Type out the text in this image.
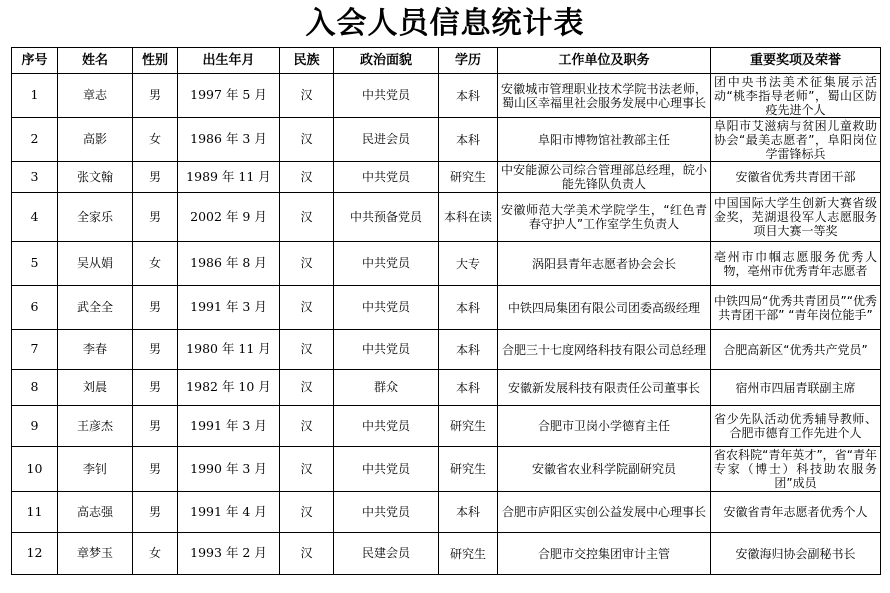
入会人员信息统计表
序号	姓名	性别	出生年月	民族	政治面貌	学历	工作单位及职务	重要奖项及荣誉
1	章志	男	1997 年 5 月	汉	中共党员	本科	安徽城市管理职业技术学院书法老师，蜀山区幸福里社会服务发展中心理事长	团中央书法美术征集展示活动“桃李指导老师”，蜀山区防疫先进个人
2	高影	女	1986 年 3 月	汉	民进会员	本科	阜阳市博物馆社教部主任	阜阳市艾滋病与贫困儿童救助协会“最美志愿者”，阜阳岗位学雷锋标兵
3	张文翰	男	1989 年 11 月	汉	中共党员	研究生	中安能源公司综合管理部总经理，皖小能先锋队负责人	安徽省优秀共青团干部
4	全家乐	男	2002 年 9 月	汉	中共预备党员	本科在读	安徽师范大学美术学院学生，“红色青春守护人”工作室学生负责人	中国国际大学生创新大赛省级金奖，芜湖退役军人志愿服务项目大赛一等奖
5	吴从娟	女	1986 年 8 月	汉	中共党员	大专	涡阳县青年志愿者协会会长	亳州市巾帼志愿服务优秀人物，亳州市优秀青年志愿者
6	武全全	男	1991 年 3 月	汉	中共党员	本科	中铁四局集团有限公司团委高级经理	中铁四局“优秀共青团员”“优秀共青团干部” “青年岗位能手”
7	李春	男	1980 年 11 月	汉	中共党员	本科	合肥三十七度网络科技有限公司总经理	合肥高新区“优秀共产党员”
8	刘晨	男	1982 年 10 月	汉	群众	本科	安徽新发展科技有限责任公司董事长	宿州市四届青联副主席
9	王彦杰	男	1991 年 3 月	汉	中共党员	研究生	合肥市卫岗小学德育主任	省少先队活动优秀辅导教师、合肥市德育工作先进个人
10	李钊	男	1990 年 3 月	汉	中共党员	研究生	安徽省农业科学院副研究员	省农科院“青年英才”，省“青年专家（博士）科技助农服务团”成员
11	高志强	男	1991 年 4 月	汉	中共党员	本科	合肥市庐阳区实创公益发展中心理事长	安徽省青年志愿者优秀个人
12	章梦玉	女	1993 年 2 月	汉	民建会员	研究生	合肥市交控集团审计主管	安徽海归协会副秘书长
